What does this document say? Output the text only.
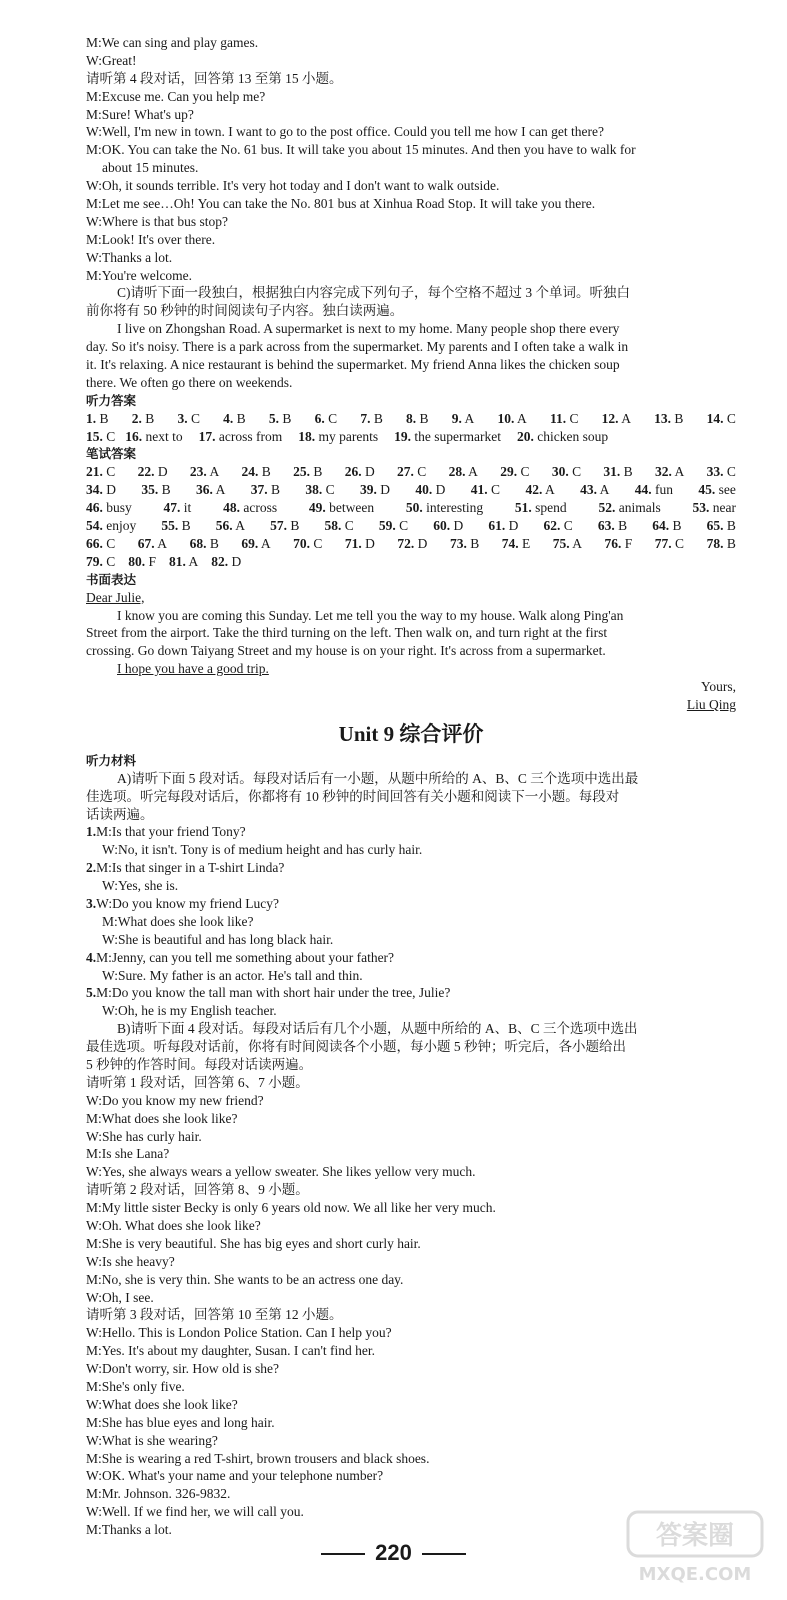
M:We can sing and play games.
W:Great!
请听第 4 段对话，回答第 13 至第 15 小题。
M:Excuse me. Can you help me?
M:Sure! What's up?
W:Well, I'm new in town. I want to go to the post office. Could you tell me how I can get there?
M:OK. You can take the No. 61 bus. It will take you about 15 minutes. And then you have to walk for
about 15 minutes.
W:Oh, it sounds terrible. It's very hot today and I don't want to walk outside.
M:Let me see…Oh! You can take the No. 801 bus at Xinhua Road Stop. It will take you there.
W:Where is that bus stop?
M:Look! It's over there.
W:Thanks a lot.
M:You're welcome.
C)请听下面一段独白，根据独白内容完成下列句子，每个空格不超过 3 个单词。听独白
前你将有 50 秒钟的时间阅读句子内容。独白读两遍。
I live on Zhongshan Road. A supermarket is next to my home. Many people shop there every
day. So it's noisy. There is a park across from the supermarket. My parents and I often take a walk in
it. It's relaxing. A nice restaurant is behind the supermarket. My friend Anna likes the chicken soup
there. We often go there on weekends.
听力答案
1. B 2. B 3. C 4. B 5. B 6. C 7. B 8. B 9. A 10. A 11. C 12. A 13. B 14. C
15. C 16. next to 17. across from 18. my parents 19. the supermarket 20. chicken soup
笔试答案
21. C 22. D 23. A 24. B 25. B 26. D 27. C 28. A 29. C 30. C 31. B 32. A 33. C
34. D 35. B 36. A 37. B 38. C 39. D 40. D 41. C 42. A 43. A 44. fun 45. see
46. busy 47. it 48. across 49. between 50. interesting 51. spend 52. animals 53. near
54. enjoy 55. B 56. A 57. B 58. C 59. C 60. D 61. D 62. C 63. B 64. B 65. B
66. C 67. A 68. B 69. A 70. C 71. D 72. D 73. B 74. E 75. A 76. F 77. C 78. B
79. C 80. F 81. A 82. D
书面表达
Dear Julie,
I know you are coming this Sunday. Let me tell you the way to my house. Walk along Ping'an
Street from the airport. Take the third turning on the left. Then walk on, and turn right at the first
crossing. Go down Taiyang Street and my house is on your right. It's across from a supermarket.
I hope you have a good trip.
Yours,
Liu Qing
Unit 9 综合评价
听力材料
A)请听下面 5 段对话。每段对话后有一小题，从题中所给的 A、B、C 三个选项中选出最
佳选项。听完每段对话后，你都将有 10 秒钟的时间回答有关小题和阅读下一小题。每段对
话读两遍。
1.M:Is that your friend Tony?
W:No, it isn't. Tony is of medium height and has curly hair.
2.M:Is that singer in a T-shirt Linda?
W:Yes, she is.
3.W:Do you know my friend Lucy?
M:What does she look like?
W:She is beautiful and has long black hair.
4.M:Jenny, can you tell me something about your father?
W:Sure. My father is an actor. He's tall and thin.
5.M:Do you know the tall man with short hair under the tree, Julie?
W:Oh, he is my English teacher.
B)请听下面 4 段对话。每段对话后有几个小题，从题中所给的 A、B、C 三个选项中选出
最佳选项。听每段对话前，你将有时间阅读各个小题，每小题 5 秒钟；听完后，各小题给出
5 秒钟的作答时间。每段对话读两遍。
请听第 1 段对话，回答第 6、7 小题。
W:Do you know my new friend?
M:What does she look like?
W:She has curly hair.
M:Is she Lana?
W:Yes, she always wears a yellow sweater. She likes yellow very much.
请听第 2 段对话，回答第 8、9 小题。
M:My little sister Becky is only 6 years old now. We all like her very much.
W:Oh. What does she look like?
M:She is very beautiful. She has big eyes and short curly hair.
W:Is she heavy?
M:No, she is very thin. She wants to be an actress one day.
W:Oh, I see.
请听第 3 段对话，回答第 10 至第 12 小题。
W:Hello. This is London Police Station. Can I help you?
M:Yes. It's about my daughter, Susan. I can't find her.
W:Don't worry, sir. How old is she?
M:She's only five.
W:What does she look like?
M:She has blue eyes and long hair.
W:What is she wearing?
M:She is wearing a red T-shirt, brown trousers and black shoes.
W:OK. What's your name and your telephone number?
M:Mr. Johnson. 326-9832.
W:Well. If we find her, we will call you.
M:Thanks a lot.
220
答案圈
MXQE.COM
